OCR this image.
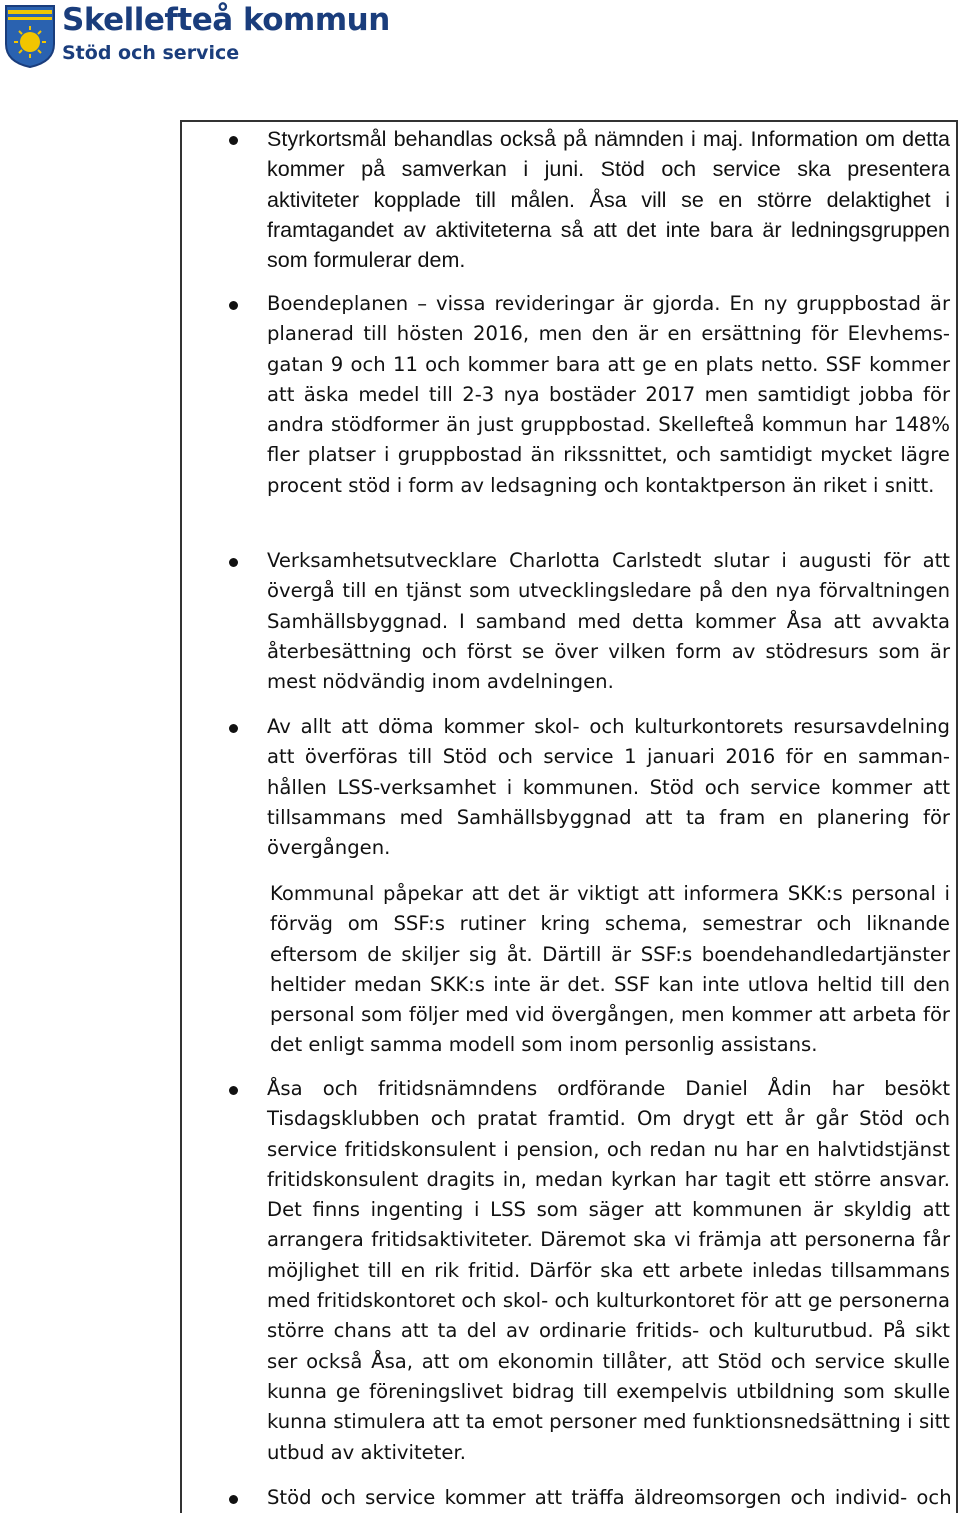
Skellefteå kommun
Stöd och service

Styrkortsmål behandlas också på nämnden i maj. Information om detta kommer på samverkan i juni. Stöd och service ska presentera aktiviteter kopplade till målen. Åsa vill se en större delaktighet i framtagandet av aktiviteterna så att det inte bara är ledningsgruppen som formulerar dem.

Boendeplanen – vissa revideringar är gjorda. En ny gruppbostad är planerad till hösten 2016, men den är en ersättning för Elevhemsgatan 9 och 11 och kommer bara att ge en plats netto. SSF kommer att äska medel till 2-3 nya bostäder 2017 men samtidigt jobba för andra stödformer än just gruppbostad. Skellefteå kommun har 148% fler platser i gruppbostad än rikssnittet, och samtidigt mycket lägre procent stöd i form av ledsagning och kontaktperson än riket i snitt.

Verksamhetsutvecklare Charlotta Carlstedt slutar i augusti för att övergå till en tjänst som utvecklingsledare på den nya förvaltningen Samhällsbyggnad. I samband med detta kommer Åsa att avvakta återbesättning och först se över vilken form av stödresurs som är mest nödvändig inom avdelningen.

Av allt att döma kommer skol- och kulturkontorets resursavdelning att överföras till Stöd och service 1 januari 2016 för en sammanhållen LSS-verksamhet i kommunen. Stöd och service kommer att tillsammans med Samhällsbyggnad att ta fram en planering för övergången.

Kommunal påpekar att det är viktigt att informera SKK:s personal i förväg om SSF:s rutiner kring schema, semestrar och liknande eftersom de skiljer sig åt. Därtill är SSF:s boendehandledartjänster heltider medan SKK:s inte är det. SSF kan inte utlova heltid till den personal som följer med vid övergången, men kommer att arbeta för det enligt samma modell som inom personlig assistans.

Åsa och fritidsnämndens ordförande Daniel Ådin har besökt Tisdagsklubben och pratat framtid. Om drygt ett år går Stöd och service fritidskonsulent i pension, och redan nu har en halvtidstjänst fritidskonsulent dragits in, medan kyrkan har tagit ett större ansvar. Det finns ingenting i LSS som säger att kommunen är skyldig att arrangera fritidsaktiviteter. Däremot ska vi främja att personerna får möjlighet till en rik fritid. Därför ska ett arbete inledas tillsammans med fritidskontoret och skol- och kulturkontoret för att ge personerna större chans att ta del av ordinarie fritids- och kulturutbud. På sikt ser också Åsa, att om ekonomin tillåter, att Stöd och service skulle kunna ge föreningslivet bidrag till exempelvis utbildning som skulle kunna stimulera att ta emot personer med funktionsnedsättning i sitt utbud av aktiviteter.

Stöd och service kommer att träffa äldreomsorgen och individ- och
